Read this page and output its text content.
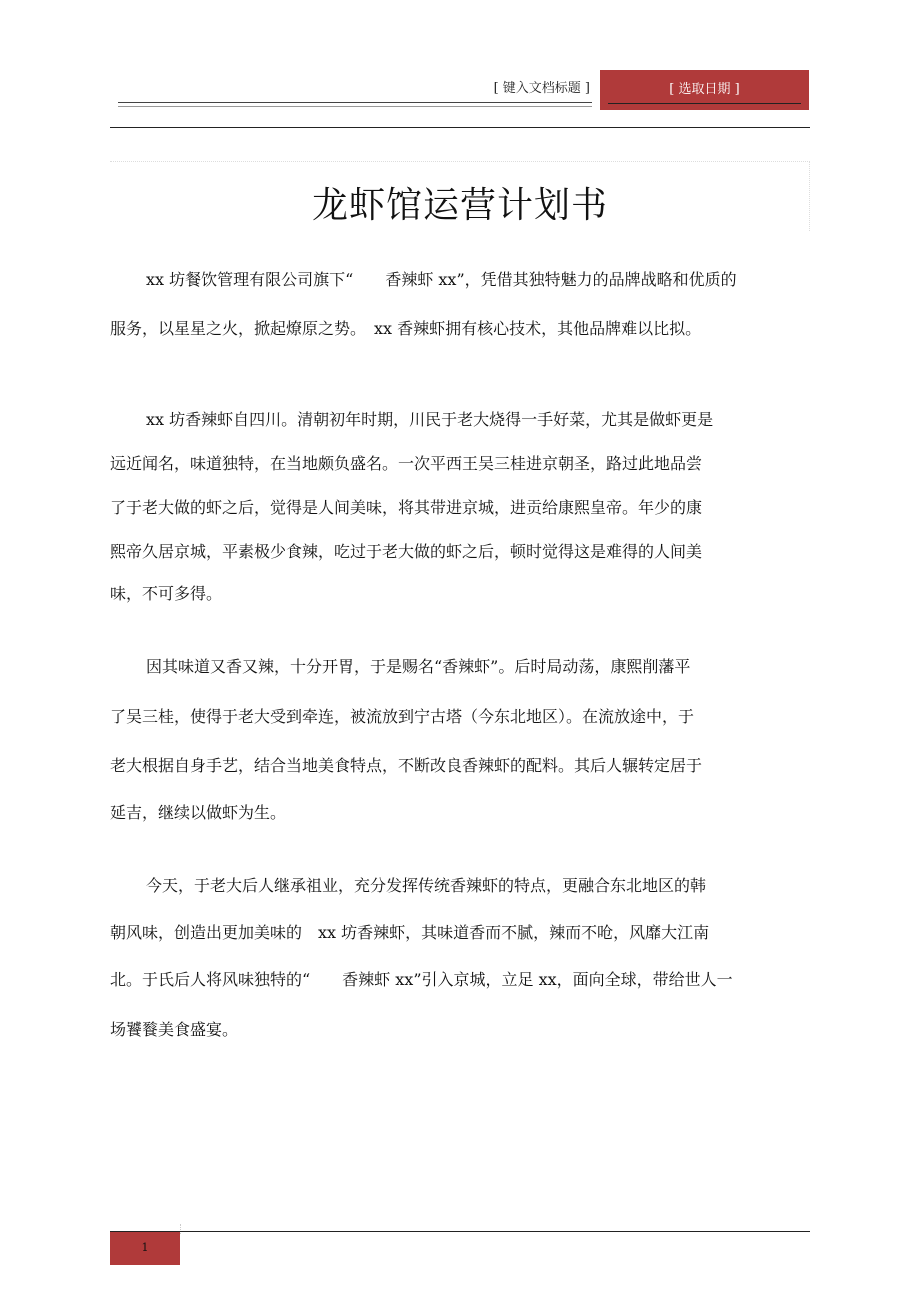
[ 键入文档标题 ]	[ 选取日期 ]
龙虾馆运营计划书
xx 坊餐饮管理有限公司旗下“　　香辣虾 xx”，凭借其独特魅力的品牌战略和优质的
服务，以星星之火，掀起燎原之势。　xx 香辣虾拥有核心技术，其他品牌难以比拟。
xx 坊香辣虾自四川。清朝初年时期，川民于老大烧得一手好菜，尤其是做虾更是
远近闻名，味道独特，在当地颇负盛名。一次平西王吴三桂进京朝圣，路过此地品尝
了于老大做的虾之后，觉得是人间美味，将其带进京城，进贡给康熙皇帝。年少的康
熙帝久居京城，平素极少食辣，吃过于老大做的虾之后，顿时觉得这是难得的人间美
味，不可多得。
因其味道又香又辣，十分开胃，于是赐名“香辣虾”。后时局动荡，康熙削藩平
了吴三桂，使得于老大受到牵连，被流放到宁古塔（今东北地区）。在流放途中，于
老大根据自身手艺，结合当地美食特点，不断改良香辣虾的配料。其后人辗转定居于
延吉，继续以做虾为生。
今天，于老大后人继承祖业，充分发挥传统香辣虾的特点，更融合东北地区的韩
朝风味，创造出更加美味的　xx 坊香辣虾，其味道香而不腻，辣而不呛，风靡大江南
北。于氏后人将风味独特的“　　香辣虾 xx”引入京城，立足 xx，面向全球，带给世人一
场饕餮美食盛宴。
1
